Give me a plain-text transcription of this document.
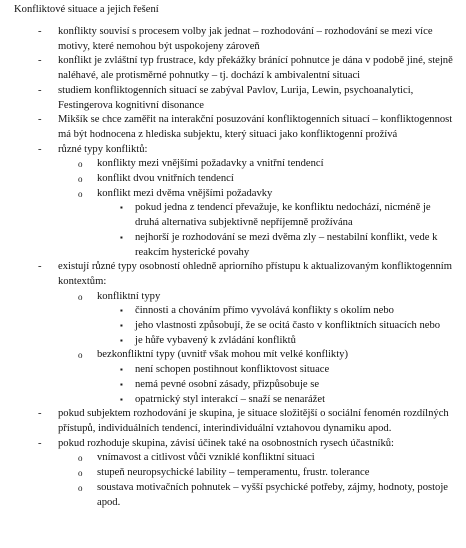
Konfliktové situace a jejich řešení
- konflikty souvisí s procesem volby jak jednat – rozhodování – rozhodování se mezi více motivy, které nemohou být uspokojeny zároveň
- konflikt je zvláštní typ frustrace, kdy překážky bránící pohnutce je dána v podobě jiné, stejně naléhavé, ale protisměrné pohnutky – tj. dochází k ambivalentní situaci
- studiem konfliktogenních situací se zabýval Pavlov, Lurija, Lewin, psychoanalytici, Festingerova kognitivní disonance
- Mikšík se chce zaměřit na interakční posuzování konfliktogenních situací – konfliktogennost má být hodnocena z hlediska subjektu, který situaci jako konfliktogenní prožívá
- různé typy konfliktů:
o konflikty mezi vnějšími požadavky a vnitřní tendencí
o konflikt dvou vnitřních tendencí
o konflikt mezi dvěma vnějšími požadavky
▪ pokud jedna z tendencí převažuje, ke konfliktu nedochází, nicméně je druhá alternativa subjektivně nepříjemně prožívána
▪ nejhorší je rozhodování se mezi dvěma zly – nestabilní konflikt, vede k reakcím hysterické povahy
- existují různé typy osobností ohledně apriorního přístupu k aktualizovaným konfliktogenním kontextům:
o konfliktní typy
▪ činnosti a chováním přímo vyvolává konflikty s okolím nebo
▪ jeho vlastnosti způsobují, že se ocitá často v konfliktních situacích nebo
▪ je hůře vybavený k zvládání konfliktů
o bezkonfliktní typy (uvnitř však mohou mít velké konflikty)
▪ není schopen postihnout konfliktovost situace
▪ nemá pevné osobní zásady, přizpůsobuje se
▪ opatrnický styl interakcí – snaží se nenarážet
- pokud subjektem rozhodování je skupina, je situace složitější o sociální fenomén rozdílných přístupů, individuálních tendencí, interindividuální vztahovou dynamiku apod.
- pokud rozhoduje skupina, závisí účinek také na osobnostních rysech účastníků:
o vnímavost a citlivost vůči vzniklé konfliktní situaci
o stupeň neuropsychické lability – temperamentu, frustr. tolerance
o soustava motivačních pohnutek – vyšší psychické potřeby, zájmy, hodnoty, postoje apod.
